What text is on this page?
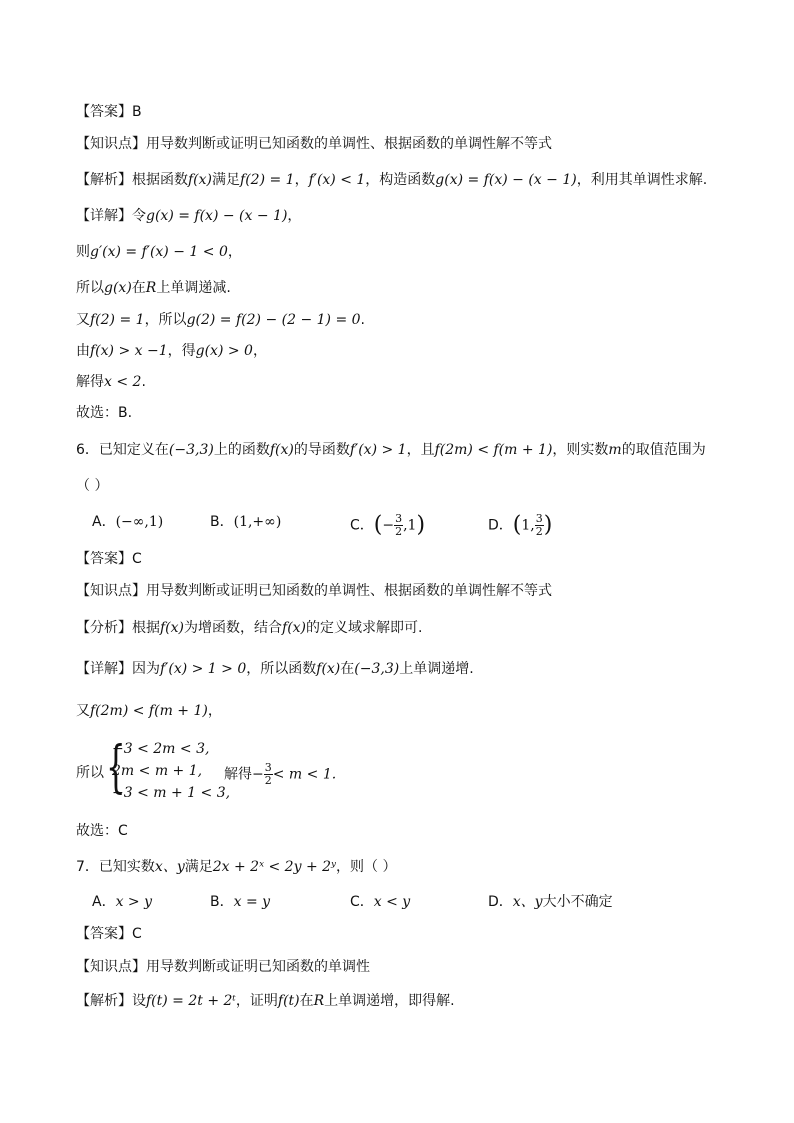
【答案】B
【知识点】用导数判断或证明已知函数的单调性、根据函数的单调性解不等式
【解析】根据函数f(x)满足f(2) = 1，f′(x) < 1，构造函数g(x) = f(x) − (x − 1)，利用其单调性求解.
【详解】令g(x) = f(x) − (x − 1)，
则g′(x) = f′(x) − 1 < 0，
所以g(x)在R上单调递减.
又f(2) = 1，所以g(2) = f(2) − (2 − 1) = 0.
由f(x) > x −1，得g(x) > 0，
解得x < 2.
故选：B.
6．已知定义在(−3,3)上的函数f(x)的导函数f′(x) > 1，且f(2m) < f(m + 1)，则实数m的取值范围为
（ ）
A．(−∞,1)	B．(1,+∞)	C．(− $\frac{3}{2} ,1$)	D．(1, $\frac{3}{2}$ )
【答案】C
【知识点】用导数判断或证明已知函数的单调性、根据函数的单调性解不等式
【分析】根据f(x)为增函数，结合f(x)的定义域求解即可.
【详解】因为f′(x) > 1 > 0，所以函数f(x)在(−3,3)上单调递增.
又f(2m) < f(m + 1)，
所以 {
−3 < 2m < 3,
2m < m + 1,
−3 < m + 1 < 3,
解得− $\frac{3}{2} < m < 1$.
故选：C
7．已知实数x、y满足2x + 2ˣ < 2y + 2ʸ，则（ ）
A．x > y	B．x = y	C．x < y	D．x、y大小不确定
【答案】C
【知识点】用导数判断或证明已知函数的单调性
【解析】设f(t) = 2t + 2ᵗ，证明f(t)在R上单调递增，即得解.
